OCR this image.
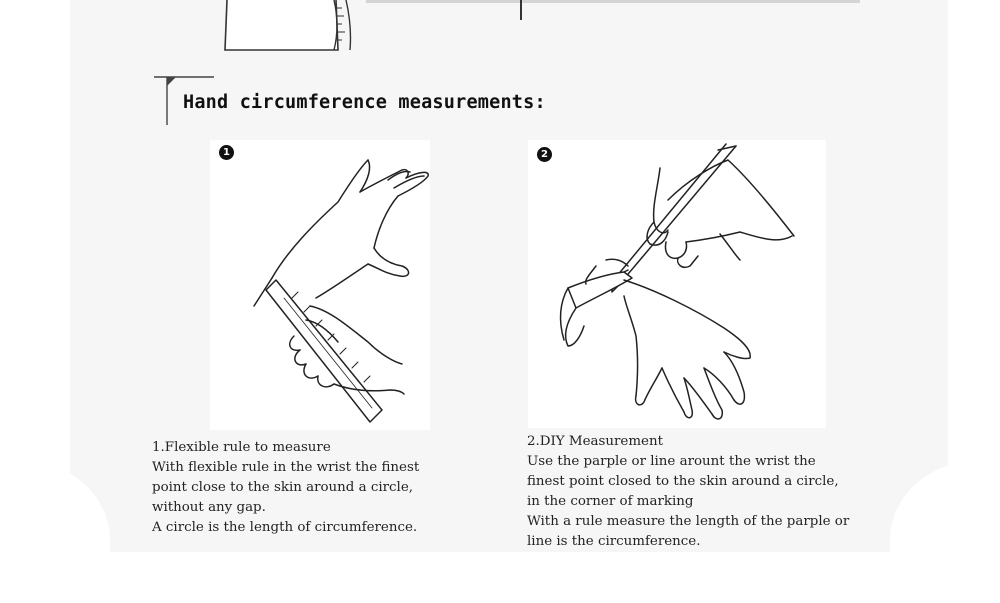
Hand circumference measurements:
1	2
1.Flexible rule to measure
With flexible rule in the wrist the finest
point close to the skin around a circle,
without any gap.
A circle is the length of circumference.
2.DIY Measurement
Use the parple or line arount the wrist the
finest point closed to the skin around a circle,
in the corner of marking
With a rule measure the length of the parple or
line is the circumference.
